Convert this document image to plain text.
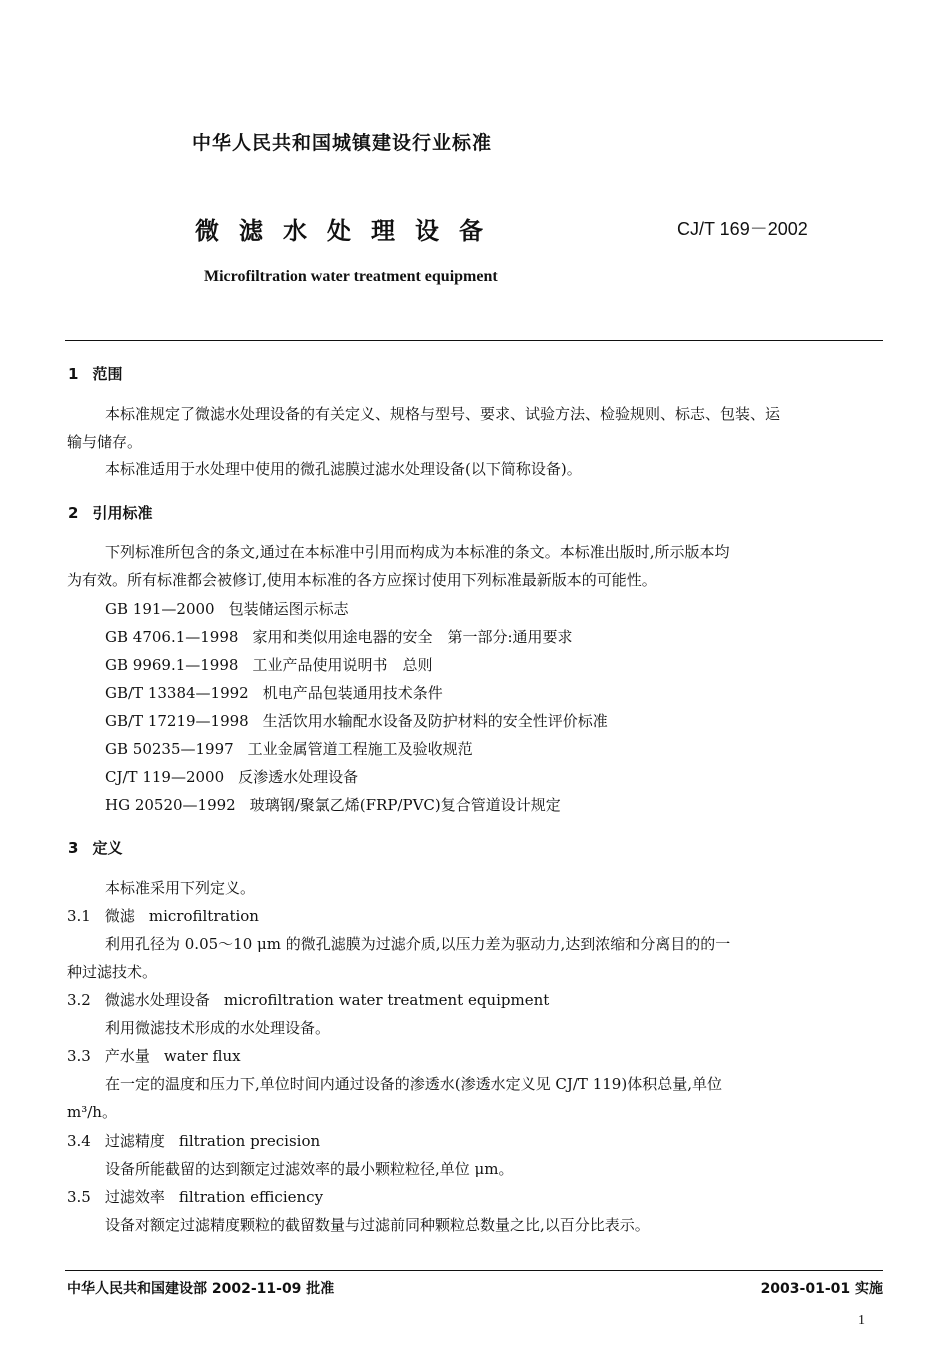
中华人民共和国城镇建设行业标准
微滤水处理设备	CJ/T 169－2002
Microfiltration water treatment equipment
1 范围
本标准规定了微滤水处理设备的有关定义、规格与型号、要求、试验方法、检验规则、标志、包装、运
输与储存。
本标准适用于水处理中使用的微孔滤膜过滤水处理设备(以下简称设备)。
2 引用标准
下列标准所包含的条文,通过在本标准中引用而构成为本标准的条文。本标准出版时,所示版本均
为有效。所有标准都会被修订,使用本标准的各方应探讨使用下列标准最新版本的可能性。
GB 191—2000 包装储运图示标志
GB 4706.1—1998 家用和类似用途电器的安全　第一部分:通用要求
GB 9969.1—1998 工业产品使用说明书　总则
GB/T 13384—1992 机电产品包装通用技术条件
GB/T 17219—1998 生活饮用水输配水设备及防护材料的安全性评价标准
GB 50235—1997 工业金属管道工程施工及验收规范
CJ/T 119—2000 反渗透水处理设备
HG 20520—1992 玻璃钢/聚氯乙烯(FRP/PVC)复合管道设计规定
3 定义
本标准采用下列定义。
3.1 微滤 microfiltration
利用孔径为 0.05～10 μm 的微孔滤膜为过滤介质,以压力差为驱动力,达到浓缩和分离目的的一
种过滤技术。
3.2 微滤水处理设备 microfiltration water treatment equipment
利用微滤技术形成的水处理设备。
3.3 产水量 water flux
在一定的温度和压力下,单位时间内通过设备的渗透水(渗透水定义见 CJ/T 119)体积总量,单位
m³/h。
3.4 过滤精度 filtration precision
设备所能截留的达到额定过滤效率的最小颗粒粒径,单位 μm。
3.5 过滤效率 filtration efficiency
设备对额定过滤精度颗粒的截留数量与过滤前同种颗粒总数量之比,以百分比表示。
中华人民共和国建设部 2002-11-09 批准	2003-01-01 实施
1
